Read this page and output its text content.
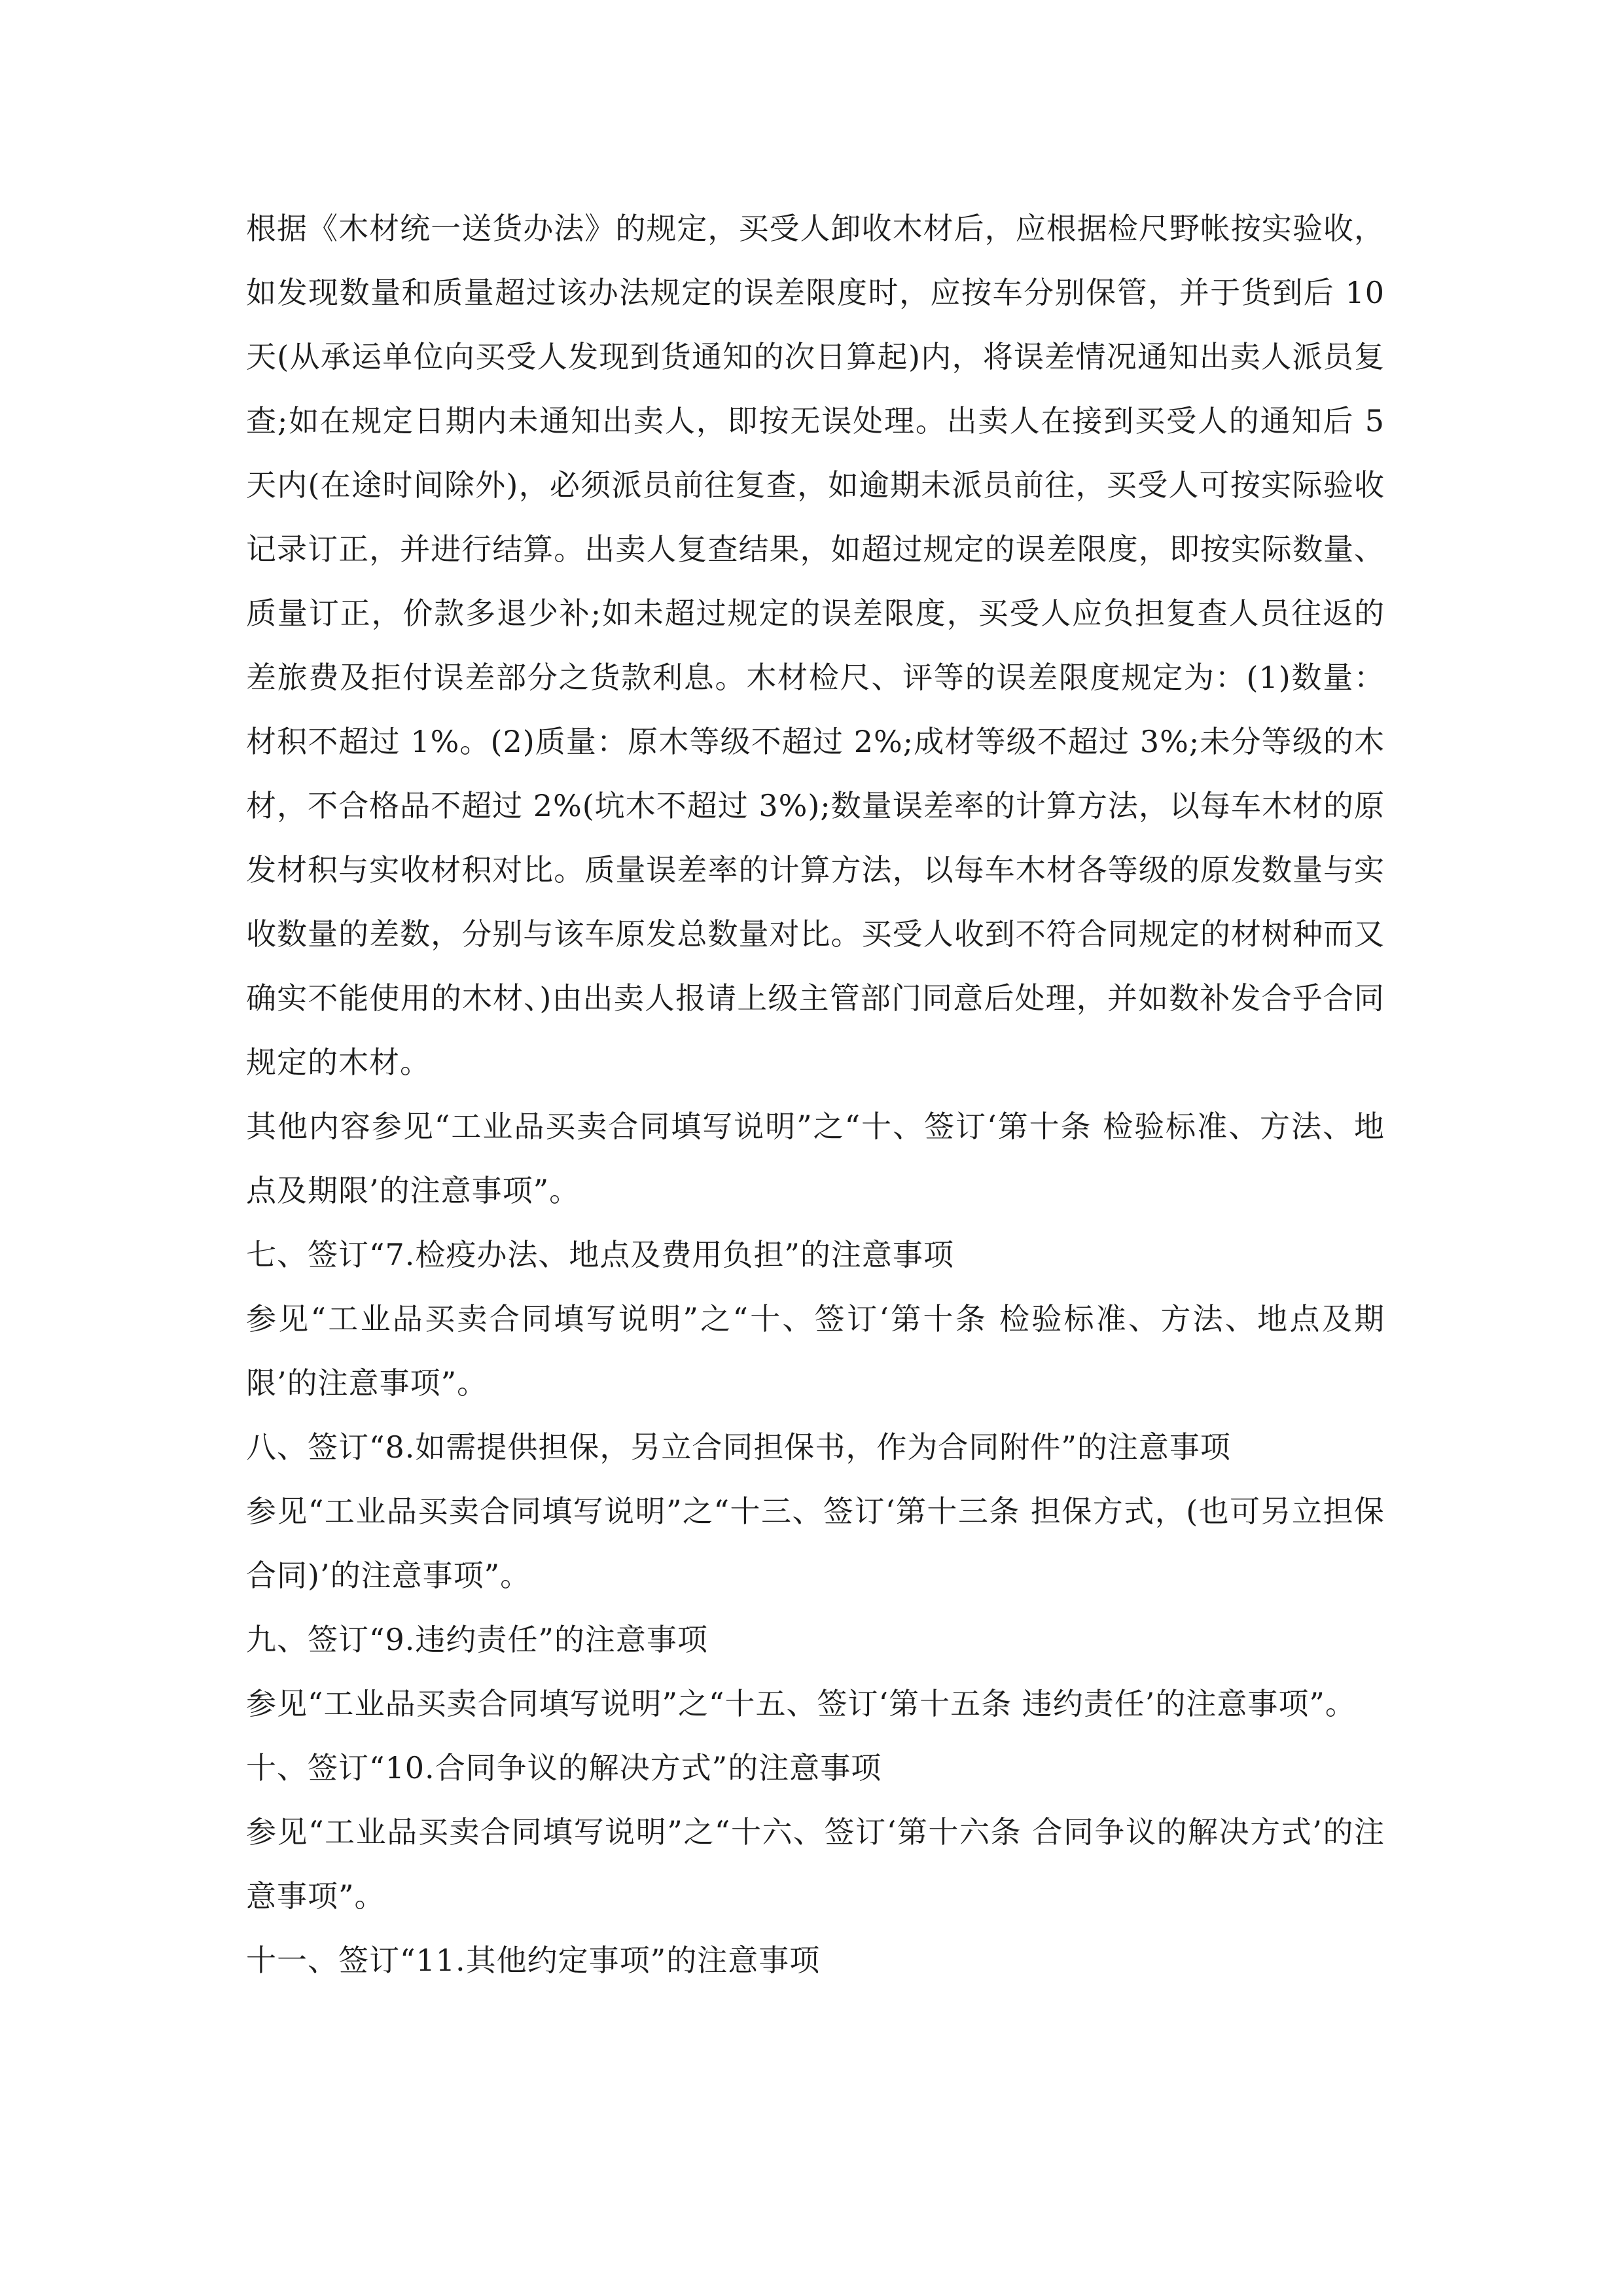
根据《木材统一送货办法》的规定，买受人卸收木材后，应根据检尺野帐按实验收，如发现数量和质量超过该办法规定的误差限度时，应按车分别保管，并于货到后 10 天(从承运单位向买受人发现到货通知的次日算起)内，将误差情况通知出卖人派员复查;如在规定日期内未通知出卖人，即按无误处理。出卖人在接到买受人的通知后 5 天内(在途时间除外)，必须派员前往复查，如逾期未派员前往，买受人可按实际验收记录订正，并进行结算。出卖人复查结果，如超过规定的误差限度，即按实际数量、质量订正，价款多退少补;如未超过规定的误差限度，买受人应负担复查人员往返的差旅费及拒付误差部分之货款利息。木材检尺、评等的误差限度规定为：(1)数量：材积不超过 1%。(2)质量：原木等级不超过 2%;成材等级不超过 3%;未分等级的木材，不合格品不超过 2%(坑木不超过 3%);数量误差率的计算方法，以每车木材的原发材积与实收材积对比。质量误差率的计算方法，以每车木材各等级的原发数量与实收数量的差数，分别与该车原发总数量对比。买受人收到不符合同规定的材树种而又确实不能使用的木材、)由出卖人报请上级主管部门同意后处理，并如数补发合乎合同规定的木材。

其他内容参见“工业品买卖合同填写说明”之“十、签订‘第十条 检验标准、方法、地点及期限’的注意事项”。

七、签订“7.检疫办法、地点及费用负担”的注意事项

参见“工业品买卖合同填写说明”之“十、签订‘第十条 检验标准、方法、地点及期限’的注意事项”。

八、签订“8.如需提供担保，另立合同担保书，作为合同附件”的注意事项

参见“工业品买卖合同填写说明”之“十三、签订‘第十三条 担保方式，(也可另立担保合同)’的注意事项”。

九、签订“9.违约责任”的注意事项

参见“工业品买卖合同填写说明”之“十五、签订‘第十五条 违约责任’的注意事项”。

十、签订“10.合同争议的解决方式”的注意事项

参见“工业品买卖合同填写说明”之“十六、签订‘第十六条 合同争议的解决方式’的注意事项”。

十一、签订“11.其他约定事项”的注意事项
